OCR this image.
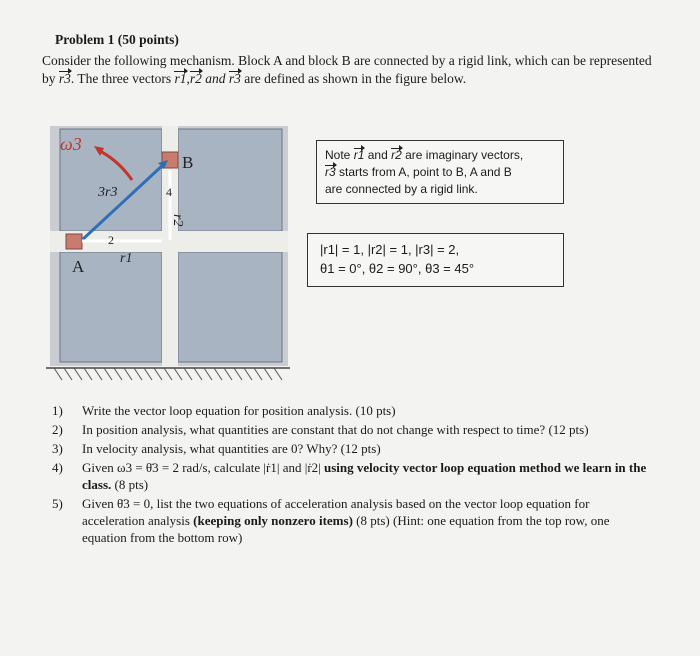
Problem 1 (50 points)
Consider the following mechanism. Block A and block B are connected by a rigid link, which can be represented by r3. The three vectors r1,r2 and r3 are defined as shown in the figure below.
ω3
B
A
3r3
r1
r2
2
4
Note r1 and r2 are imaginary vectors,
r3 starts from A, point to B, A and B
are connected by a rigid link.
|r1| = 1, |r2| = 1, |r3| = 2,
θ1 = 0°, θ2 = 90°, θ3 = 45°
1) Write the vector loop equation for position analysis. (10 pts)
2) In position analysis, what quantities are constant that do not change with respect to time? (12 pts)
3) In velocity analysis, what quantities are 0? Why? (12 pts)
4) Given ω3 = θ̇3 = 2 rad/s, calculate |ṙ1| and |ṙ2| using velocity vector loop equation method we learn in the class. (8 pts)
5) Given θ̈3 = 0, list the two equations of acceleration analysis based on the vector loop equation for acceleration analysis (keeping only nonzero items) (8 pts) (Hint: one equation from the top row, one equation from the bottom row)
